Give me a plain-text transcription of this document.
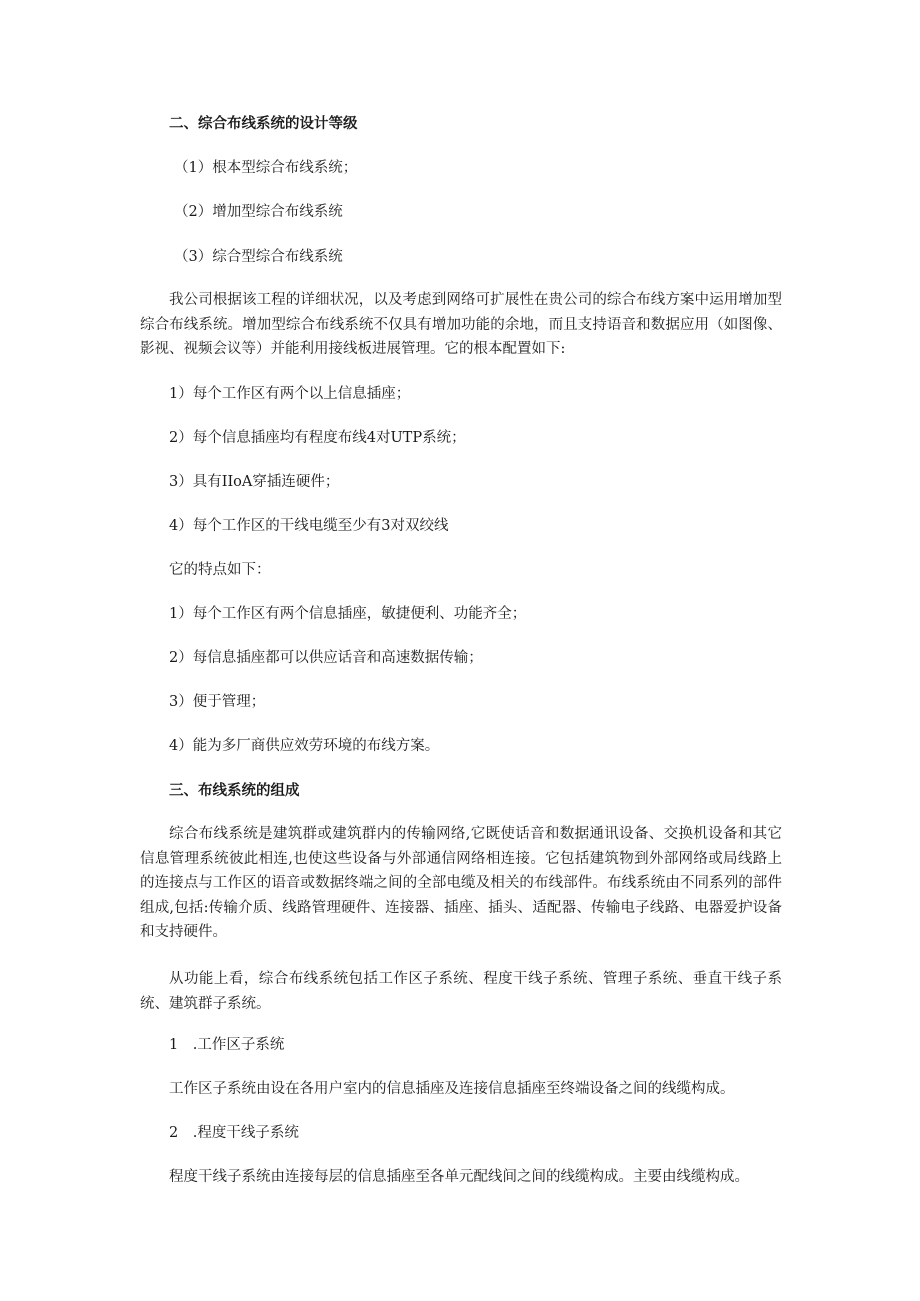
二、综合布线系统的设计等级
（1）根本型综合布线系统；
（2）增加型综合布线系统
（3）综合型综合布线系统
我公司根据该工程的详细状况，以及考虑到网络可扩展性在贵公司的综合布线方案中运用增加型综合布线系统。增加型综合布线系统不仅具有增加功能的余地，而且支持语音和数据应用（如图像、影视、视频会议等）并能利用接线板进展管理。它的根本配置如下:
1）每个工作区有两个以上信息插座；
2）每个信息插座均有程度布线4对UTP系统；
3）具有IIoA穿插连硬件；
4）每个工作区的干线电缆至少有3对双绞线
它的特点如下：
1）每个工作区有两个信息插座，敏捷便利、功能齐全；
2）每信息插座都可以供应话音和高速数据传输；
3）便于管理；
4）能为多厂商供应效劳环境的布线方案。
三、布线系统的组成
综合布线系统是建筑群或建筑群内的传输网络,它既使话音和数据通讯设备、交换机设备和其它信息管理系统彼此相连,也使这些设备与外部通信网络相连接。它包括建筑物到外部网络或局线路上的连接点与工作区的语音或数据终端之间的全部电缆及相关的布线部件。布线系统由不同系列的部件组成,包括:传输介质、线路管理硬件、连接器、插座、插头、适配器、传输电子线路、电器爱护设备和支持硬件。
从功能上看，综合布线系统包括工作区子系统、程度干线子系统、管理子系统、垂直干线子系统、建筑群子系统。
1　.工作区子系统
工作区子系统由设在各用户室内的信息插座及连接信息插座至终端设备之间的线缆构成。
2　.程度干线子系统
程度干线子系统由连接每层的信息插座至各单元配线间之间的线缆构成。主要由线缆构成。
